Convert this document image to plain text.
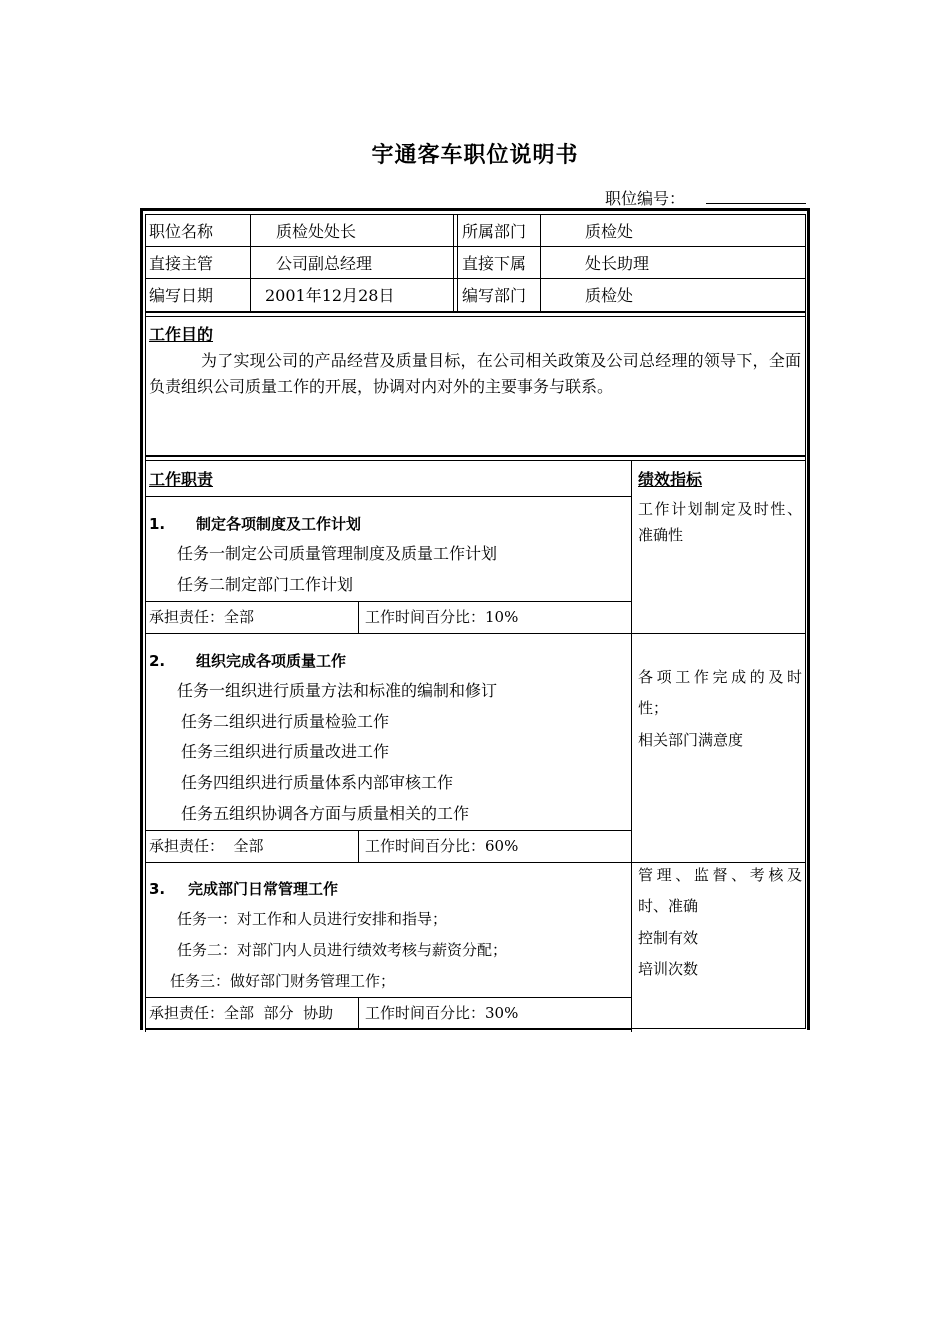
宇通客车职位说明书
职位编号：
职位名称	质检处处长	所属部门	质检处
直接主管	公司副总经理	直接下属	处长助理
编写日期	2001年12月28日	编写部门	质检处
工作目的
为了实现公司的产品经营及质量目标，在公司相关政策及公司总经理的领导下，全面负责组织公司质量工作的开展，协调对内对外的主要事务与联系。
工作职责	绩效指标
1. 制定各项制度及工作计划
任务一制定公司质量管理制度及质量工作计划
任务二制定部门工作计划
承担责任：全部	工作时间百分比：10%
工作计划制定及时性、准确性
2. 组织完成各项质量工作
任务一组织进行质量方法和标准的编制和修订
任务二组织进行质量检验工作
任务三组织进行质量改进工作
任务四组织进行质量体系内部审核工作
任务五组织协调各方面与质量相关的工作
承担责任：  全部	工作时间百分比：60%
各项工作完成的及时性；
相关部门满意度
3. 完成部门日常管理工作
任务一：对工作和人员进行安排和指导；
任务二：对部门内人员进行绩效考核与薪资分配；
任务三：做好部门财务管理工作；
承担责任：全部  部分  协助 工作时间百分比：30%
管理、监督、考核及时、准确
控制有效
培训次数
